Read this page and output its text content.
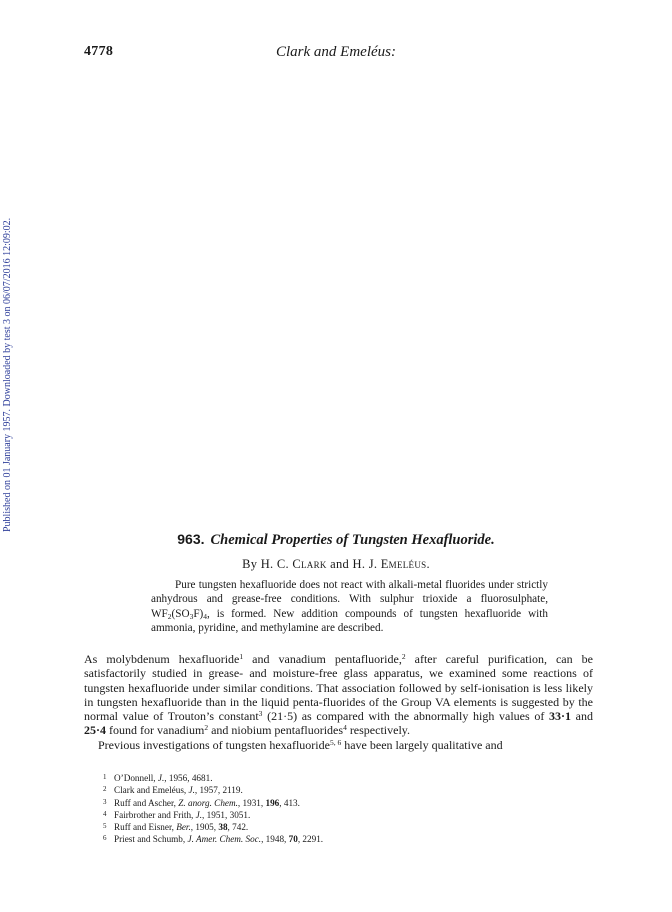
4778	Clark and Emeléus:
Published on 01 January 1957. Downloaded by test 3 on 06/07/2016 12:09:02.
963. Chemical Properties of Tungsten Hexafluoride.
By H. C. Clark and H. J. Emeléus.

Pure tungsten hexafluoride does not react with alkali-metal fluorides under strictly anhydrous and grease-free conditions. With sulphur trioxide a fluorosulphate, $WF_2(SO_3F)_4$, is formed. New addition compounds of tungsten hexafluoride with ammonia, pyridine, and methylamine are described.

As molybdenum hexafluoride$^1$ and vanadium pentafluoride,$^2$ after careful purification, can be satisfactorily studied in grease- and moisture-free glass apparatus, we examined some reactions of tungsten hexafluoride under similar conditions. That association followed by self-ionisation is less likely in tungsten hexafluoride than in the liquid penta-fluorides of the Group VA elements is suggested by the normal value of Trouton’s constant$^3$ (21·5) as compared with the abnormally high values of 33·1 and 25·4 found for vanadium$^2$ and niobium pentafluorides$^4$ respectively.

Previous investigations of tungsten hexafluoride$^{5, 6}$ have been largely qualitative and

1 O’Donnell, J., 1956, 4681.
2 Clark and Emeléus, J., 1957, 2119.
3 Ruff and Ascher, Z. anorg. Chem., 1931, 196, 413.
4 Fairbrother and Frith, J., 1951, 3051.
5 Ruff and Eisner, Ber., 1905, 38, 742.
6 Priest and Schumb, J. Amer. Chem. Soc., 1948, 70, 2291.
